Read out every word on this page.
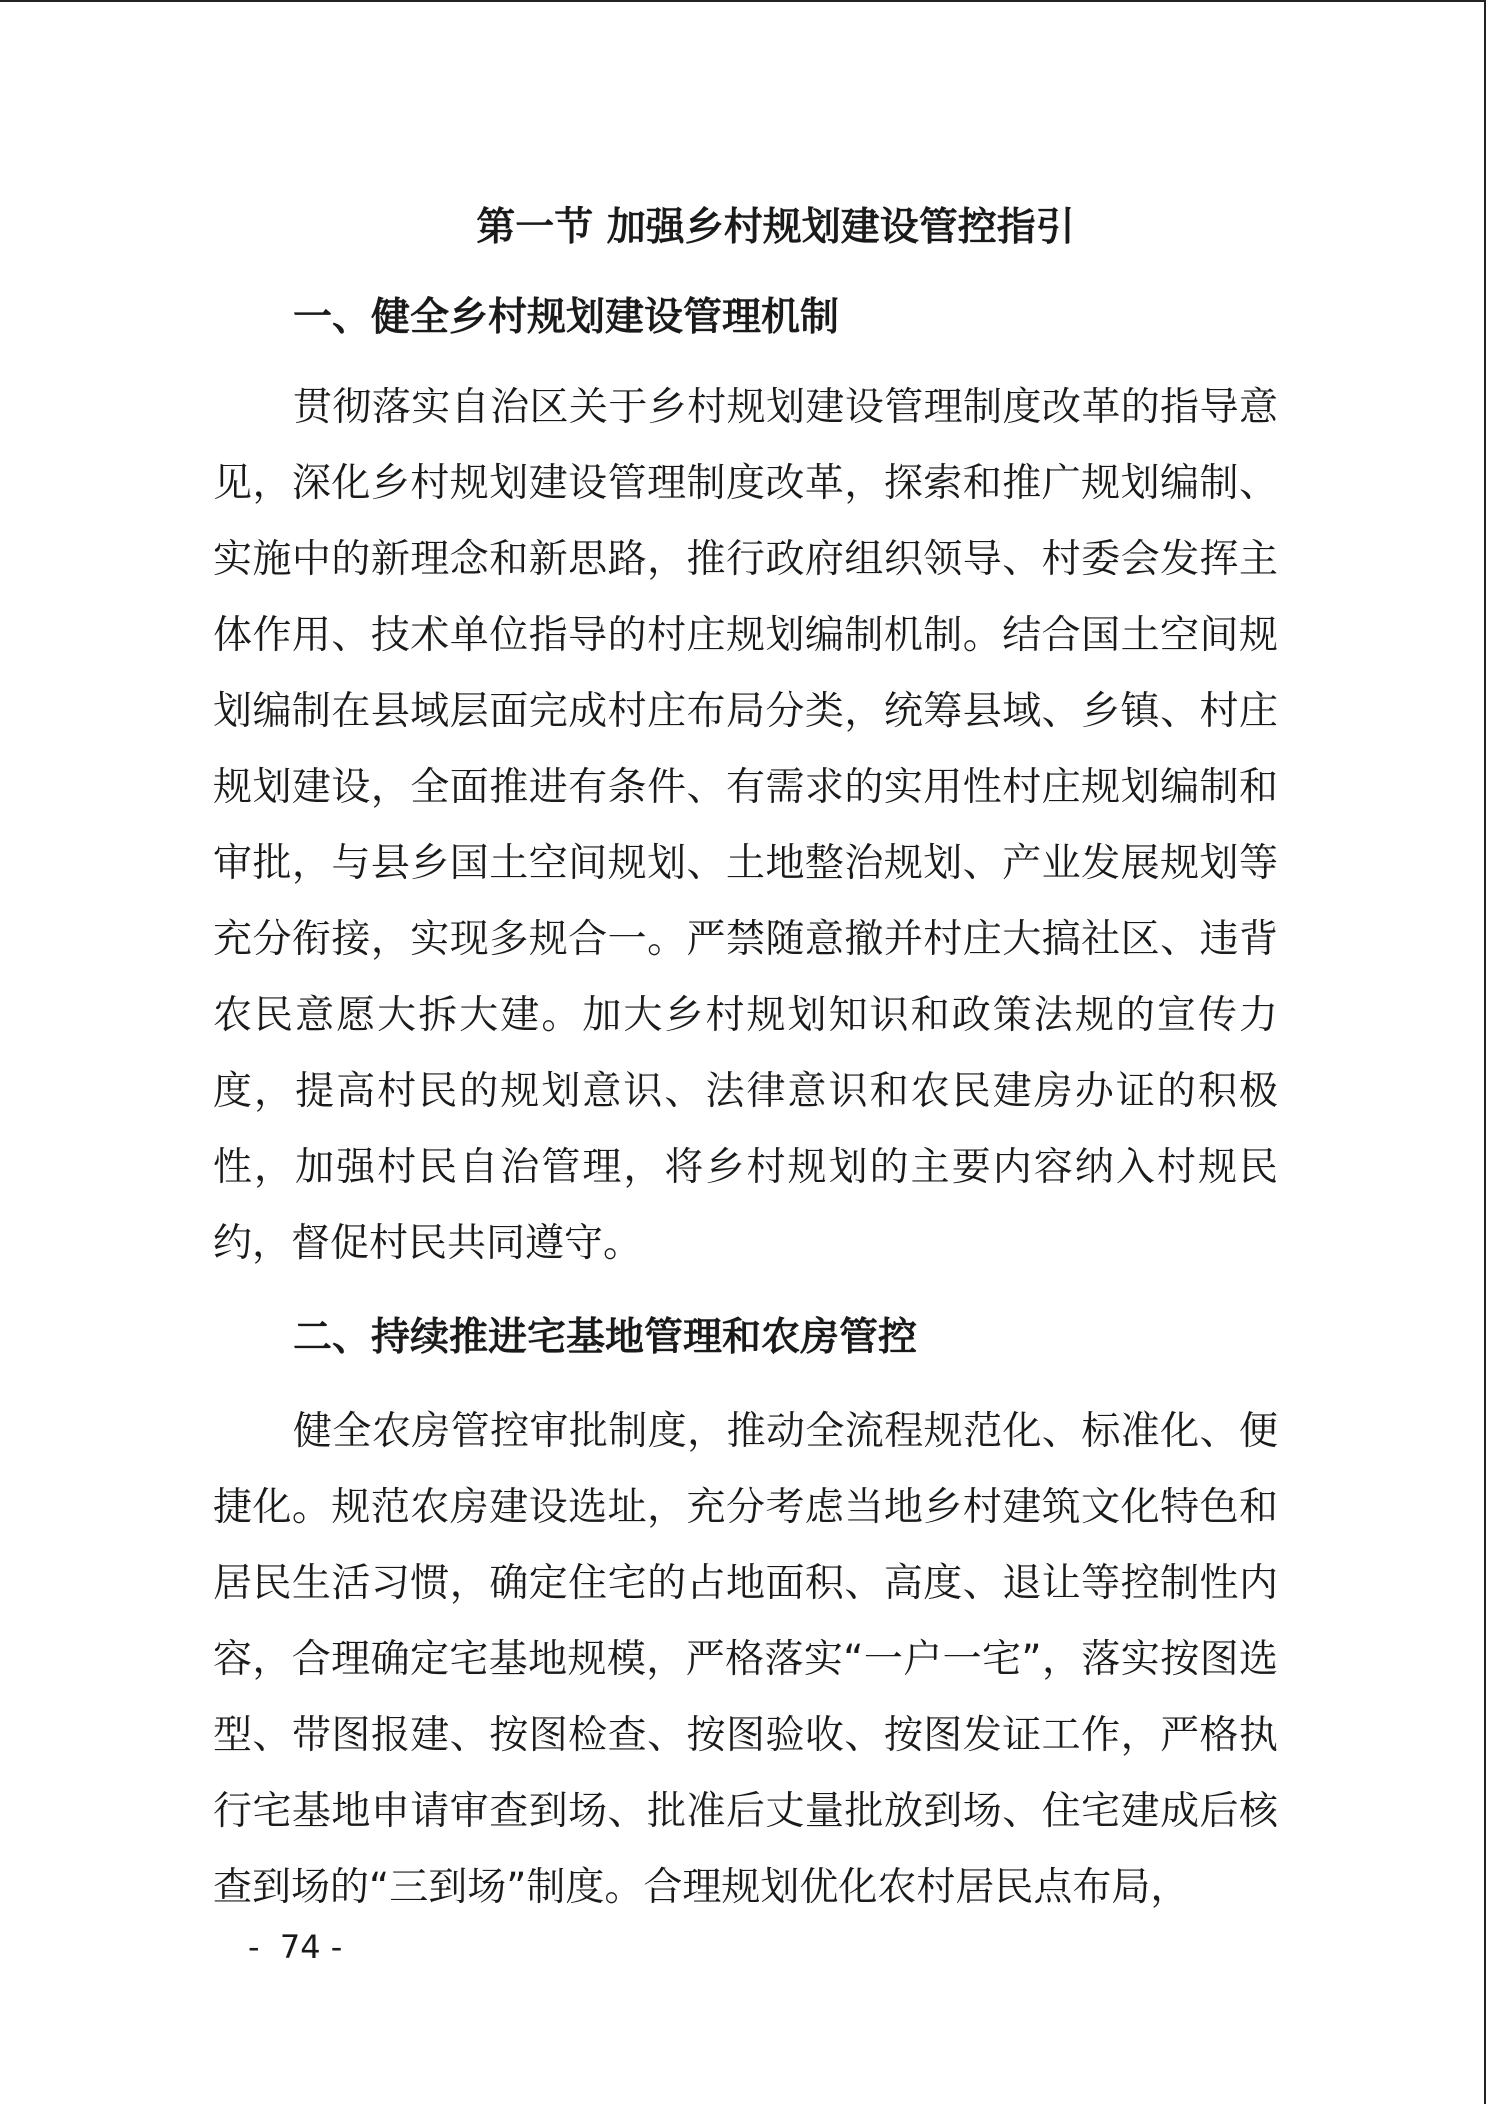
第一节 加强乡村规划建设管控指引
一、健全乡村规划建设管理机制

贯彻落实自治区关于乡村规划建设管理制度改革的指导意见，深化乡村规划建设管理制度改革，探索和推广规划编制、实施中的新理念和新思路，推行政府组织领导、村委会发挥主体作用、技术单位指导的村庄规划编制机制。结合国土空间规划编制在县域层面完成村庄布局分类，统筹县域、乡镇、村庄规划建设，全面推进有条件、有需求的实用性村庄规划编制和审批，与县乡国土空间规划、土地整治规划、产业发展规划等充分衔接，实现多规合一。严禁随意撤并村庄大搞社区、违背农民意愿大拆大建。加大乡村规划知识和政策法规的宣传力度，提高村民的规划意识、法律意识和农民建房办证的积极性，加强村民自治管理，将乡村规划的主要内容纳入村规民约，督促村民共同遵守。

二、持续推进宅基地管理和农房管控

健全农房管控审批制度，推动全流程规范化、标准化、便捷化。规范农房建设选址，充分考虑当地乡村建筑文化特色和居民生活习惯，确定住宅的占地面积、高度、退让等控制性内容，合理确定宅基地规模，严格落实“一户一宅”，落实按图选型、带图报建、按图检查、按图验收、按图发证工作，严格执行宅基地申请审查到场、批准后丈量批放到场、住宅建成后核查到场的“三到场”制度。合理规划优化农村居民点布局，

-  74 -
